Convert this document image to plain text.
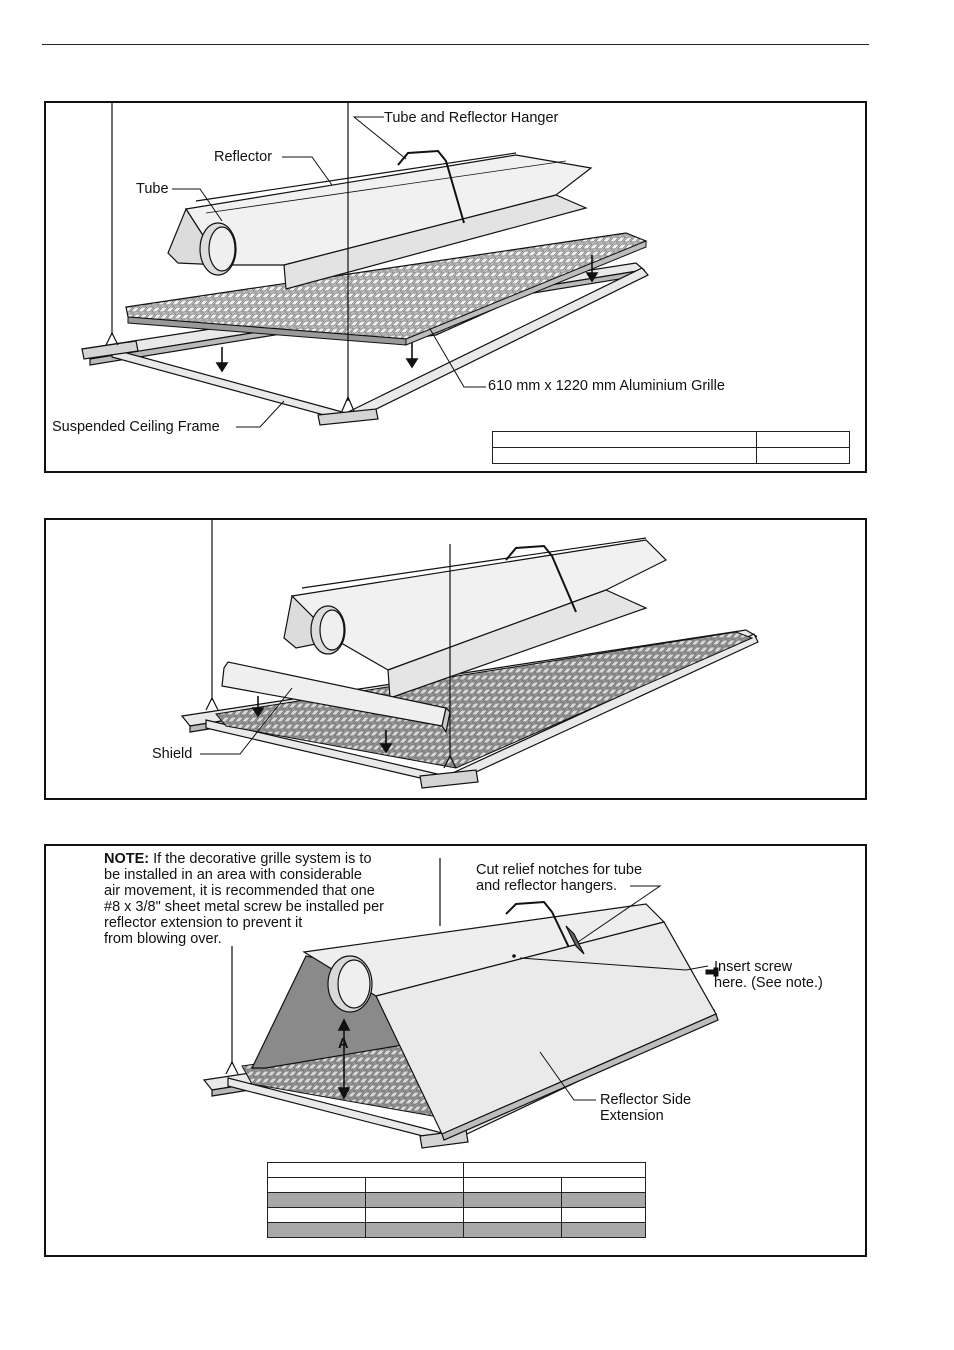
Tube and Reflector Hanger
Reflector
Tube
610 mm x 1220 mm Aluminium Grille
Suspended Ceiling Frame

Shield
NOTE: If the decorative grille system is to
be installed in an area with considerable
air movement, it is recommended that one
#8 x 3/8" sheet metal screw be installed per
reflector extension to prevent it
from blowing over.
Cut relief notches for tube
and reflector hangers.
Insert screw
here. (See note.)
Reflector Side
Extension
A
